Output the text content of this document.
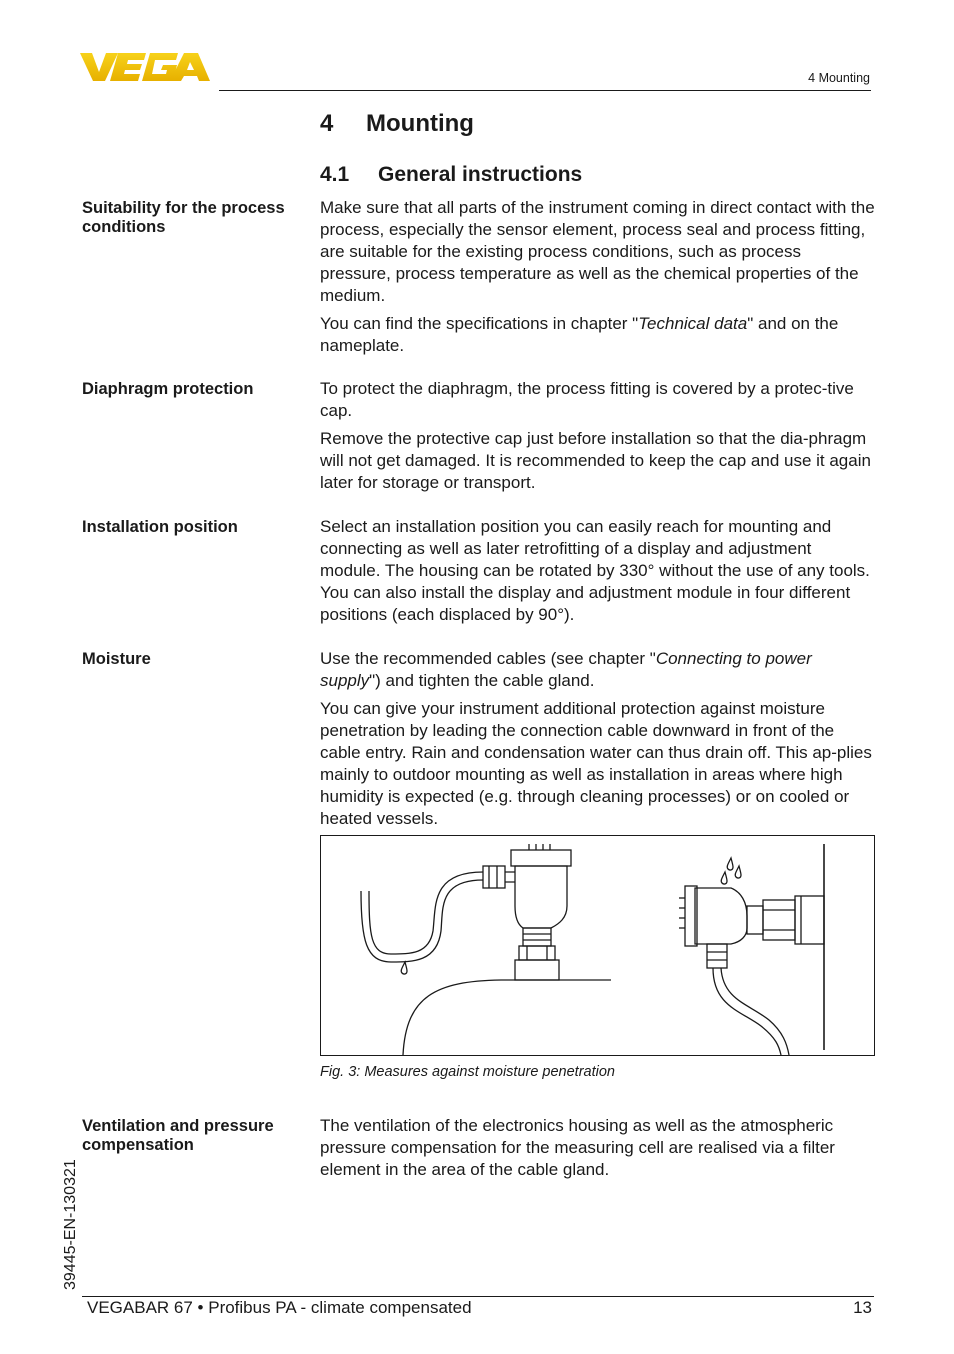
4 Mounting
4 Mounting
4.1 General instructions
Suitability for the process conditions

Make sure that all parts of the instrument coming in direct contact with the process, especially the sensor element, process seal and process fitting, are suitable for the existing process conditions, such as process pressure, process temperature as well as the chemical properties of the medium.

You can find the specifications in chapter "Technical data" and on the nameplate.

Diaphragm protection	To protect the diaphragm, the process fitting is covered by a protec-tive cap.

Remove the protective cap just before installation so that the dia-phragm will not get damaged. It is recommended to keep the cap and use it again later for storage or transport.

Installation position	Select an installation position you can easily reach for mounting and connecting as well as later retrofitting of a display and adjustment module. The housing can be rotated by 330° without the use of any tools. You can also install the display and adjustment module in four different positions (each displaced by 90°).

Moisture	Use the recommended cables (see chapter "Connecting to power supply") and tighten the cable gland.

You can give your instrument additional protection against moisture penetration by leading the connection cable downward in front of the cable entry. Rain and condensation water can thus drain off. This ap-plies mainly to outdoor mounting as well as installation in areas where high humidity is expected (e.g. through cleaning processes) or on cooled or heated vessels.

Fig. 3: Measures against moisture penetration
Ventilation and pressure compensation

The ventilation of the electronics housing as well as the atmospheric pressure compensation for the measuring cell are realised via a filter element in the area of the cable gland.

39445-EN-130321
VEGABAR 67 • Profibus PA - climate compensated	13
